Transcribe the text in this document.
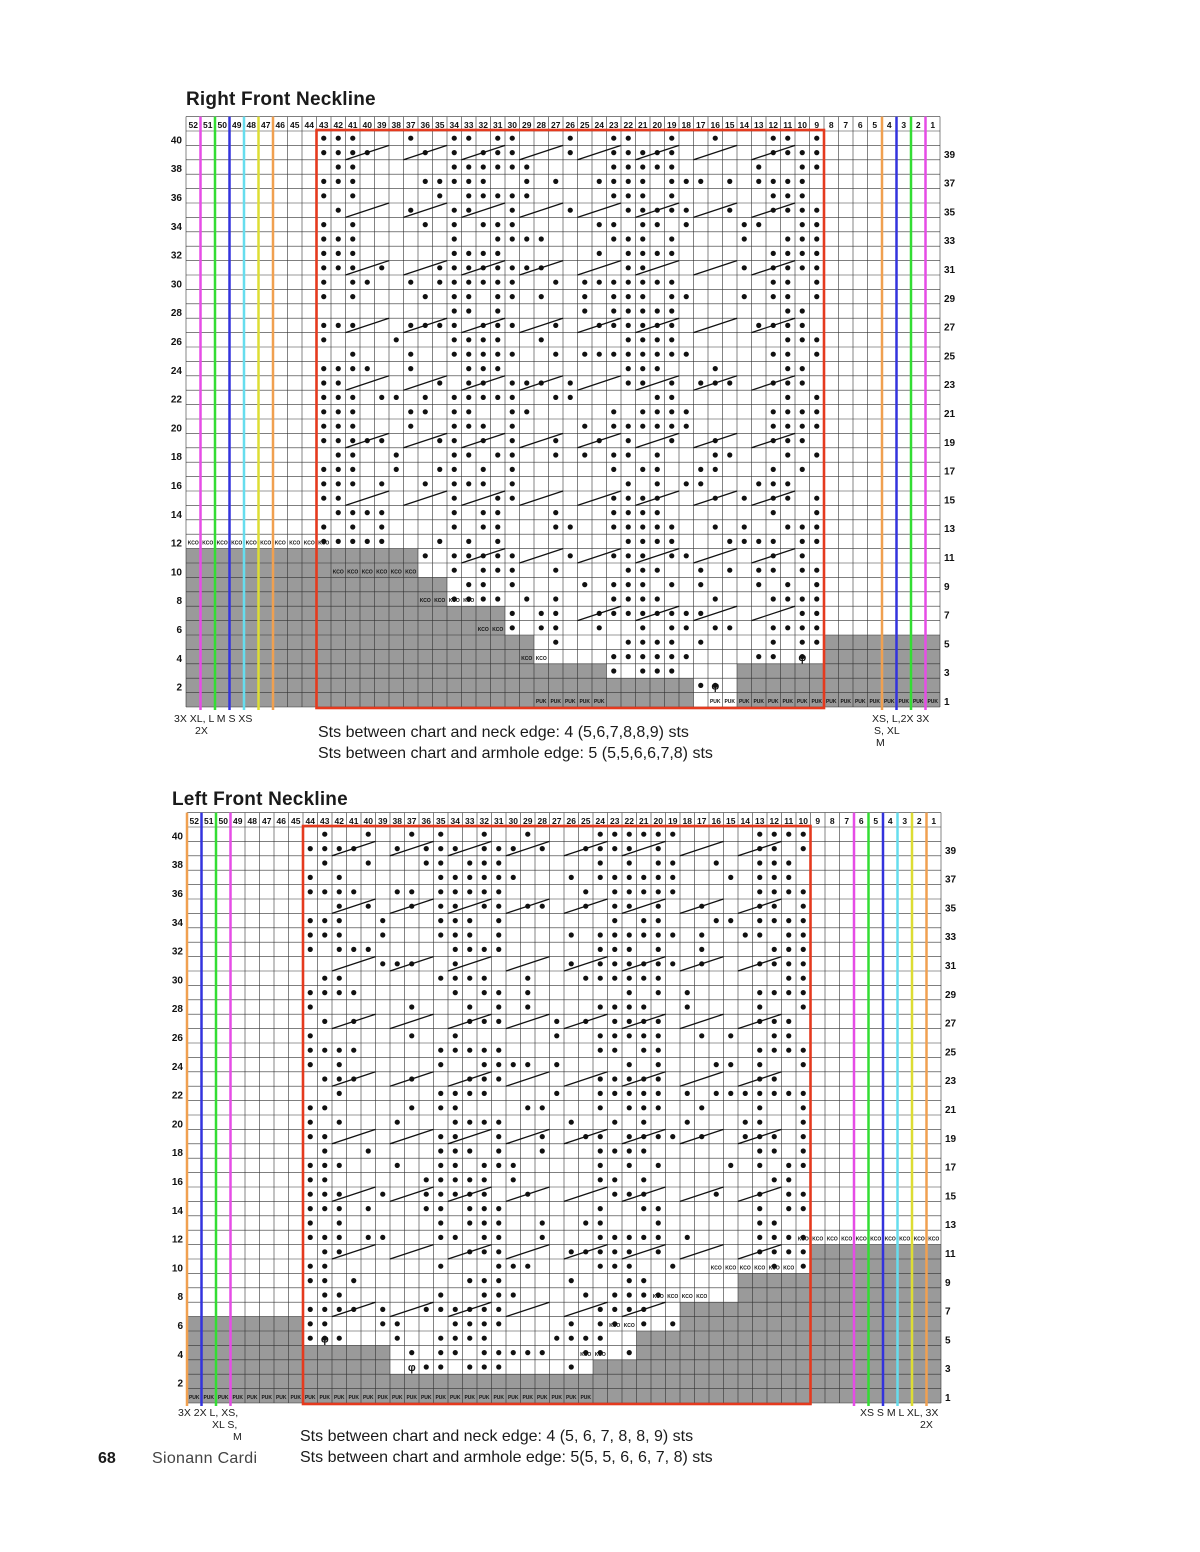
Right Front Neckline
52 51 50 49 48 47 46 45 44 43 42 41 40 39 38 37 36 35 34 33 32 31 30 29 28 27 26 25 24 23 22 21 20 19 18 17 16 15 14 13 12 11 10 9 8 7 6 5 4 3 2 1
40
38
36
34
32
30
28
26
24
22
20
18
16
14
12
10
8
6
4
2
39
37
35
33
31
29
27
25
23
21
19
17
15
13
11
9
7
5
3
1
KCO KCO KCO KCO KCO KCO KCO KCO KCO KCO
KCO KCO KCO KCO KCO KCO
KCO KCO KCO KCO
KCO KCO
KCO KCO
PUK PUK PUK PUK PUK	PUK PUK PUK PUK PUK PUK PUK PUK PUK PUK PUK PUK PUK PUK PUK PUK
φ
φ
3X XL, L M S XS
2X
XS, L,2X 3X
S, XL
M
Sts between chart and neck edge: 4 (5,6,7,8,8,9) sts
Sts between chart and armhole edge: 5 (5,5,6,6,7,8) sts
Left Front Neckline
52 51 50 49 48 47 46 45 44 43 42 41 40 39 38 37 36 35 34 33 32 31 30 29 28 27 26 25 24 23 22 21 20 19 18 17 16 15 14 13 12 11 10 9 8 7 6 5 4 3 2 1
40
38
36
34
32
30
28
26
24
22
20
18
16
14
12
10
8
6
4
2
39
37
35
33
31
29
27
25
23
21
19
17
15
13
11
9
7
5
3
1
KCO KCO KCO KCO KCO KCO KCO KCO KCO KCO
KCO KCO KCO KCO KCO KCO
KCO KCO KCO KCO
KCO KCO
KCO KCO
PUK PUK PUK PUK PUK PUK PUK PUK PUK PUK PUK PUK PUK PUK PUK PUK PUK PUK PUK PUK PUK PUK PUK PUK PUK PUK PUK PUK
φ
φ
3X 2X L, XS,
XL S,
M
XS S M L XL, 3X
2X
Sts between chart and neck edge: 4 (5, 6, 7, 8, 8, 9) sts
Sts between chart and armhole edge: 5(5, 5, 6, 6, 7, 8) sts
68 Sionann Cardi
